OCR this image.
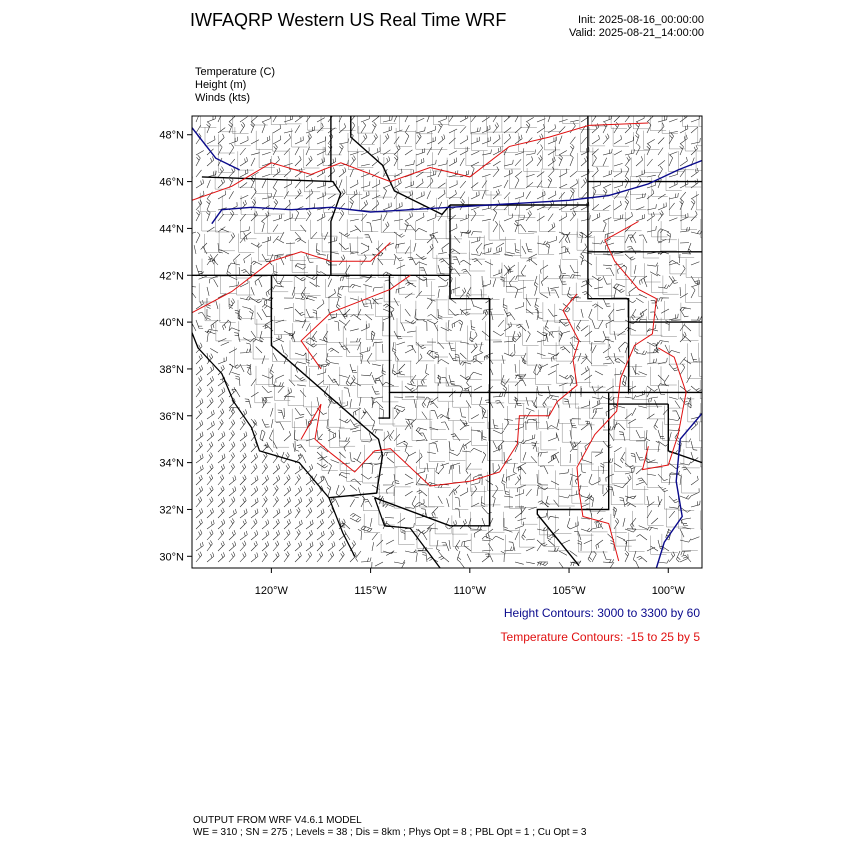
IWFAQRP Western US Real Time WRF	Init: 2025-08-16_00:00:00
Valid: 2025-08-21_14:00:00
Temperature (C)
Height (m)
Winds (kts)
30°N
32°N
34°N
36°N
38°N
40°N
42°N
44°N
46°N
48°N
120°W	115°W	110°W	105°W	100°W
Height Contours: 3000 to 3300 by 60
Temperature Contours: -15 to 25 by 5
OUTPUT FROM WRF V4.6.1 MODEL
WE = 310 ; SN = 275 ; Levels = 38 ; Dis = 8km ; Phys Opt = 8 ; PBL Opt = 1 ; Cu Opt = 3
